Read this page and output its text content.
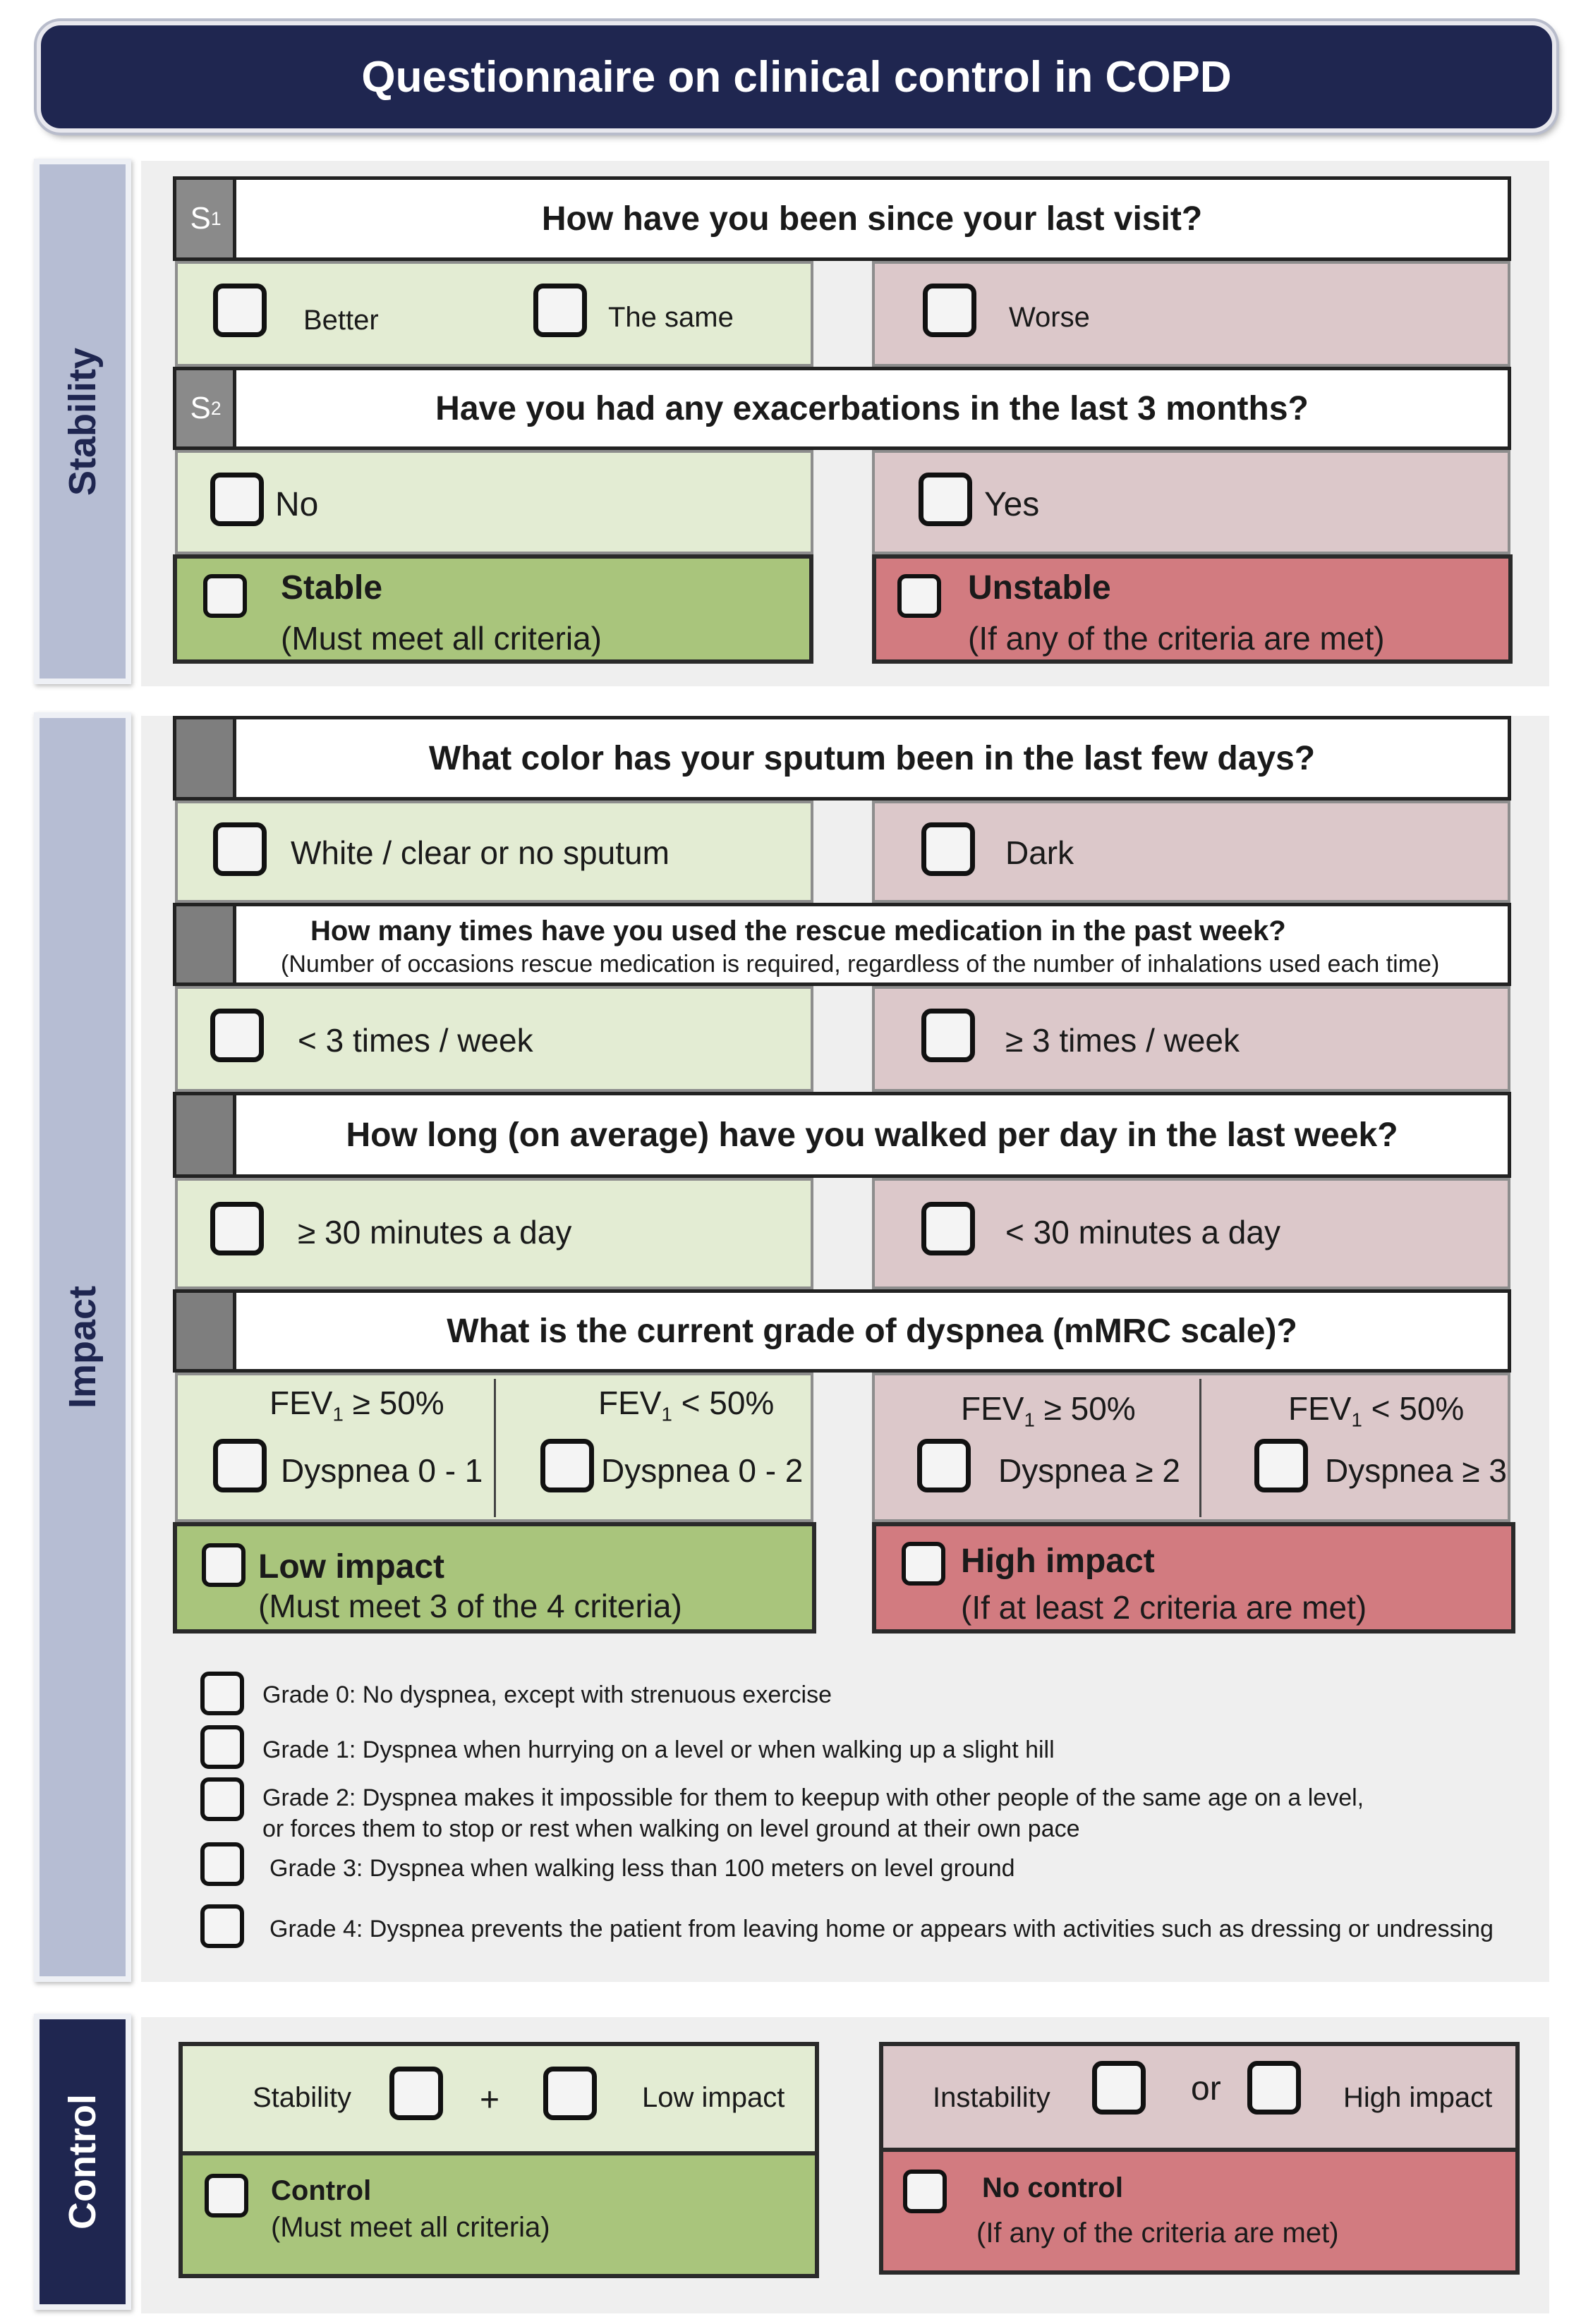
Questionnaire on clinical control in COPD
Stability
Impact
Control
S 1	How have you been since your last visit?
Better	The same	Worse
S 2	Have you had any exacerbations in the last 3 months?
No	Yes
Stable
(Must meet all criteria)
Unstable
(If any of the criteria are met)
What color has your sputum been in the last few days?
White / clear or no sputum	Dark
How many times have you used the rescue medication in the past week?
(Number of occasions rescue medication is required, regardless of the number of inhalations used each time)
< 3 times / week	≥ 3 times / week
How long (on average) have you walked per day in the last week?
≥ 30 minutes a day	< 30 minutes a day
What is the current grade of dyspnea (mMRC scale)?
$FEV_1 \ge 50\%$	$FEV_1 < 50\%$	$FEV_1 \ge 50\%$	$FEV_1 < 50\%$
Dyspnea 0 - 1	Dyspnea 0 - 2	Dyspnea ≥ 2	Dyspnea ≥ 3
Low impact
(Must meet 3 of the 4 criteria)
High impact
(If at least 2 criteria are met)
Grade 0: No dyspnea, except with strenuous exercise
Grade 1: Dyspnea when hurrying on a level or when walking up a slight hill
Grade 2: Dyspnea makes it impossible for them to keepup with other people of the same age on a level,
or forces them to stop or rest when walking on level ground at their own pace
Grade 3: Dyspnea when walking less than 100 meters on level ground
Grade 4: Dyspnea prevents the patient from leaving home or appears with activities such as dressing or undressing
Stability	+	Low impact	Instability	or	High impact
Control
(Must meet all criteria)
No control
(If any of the criteria are met)
